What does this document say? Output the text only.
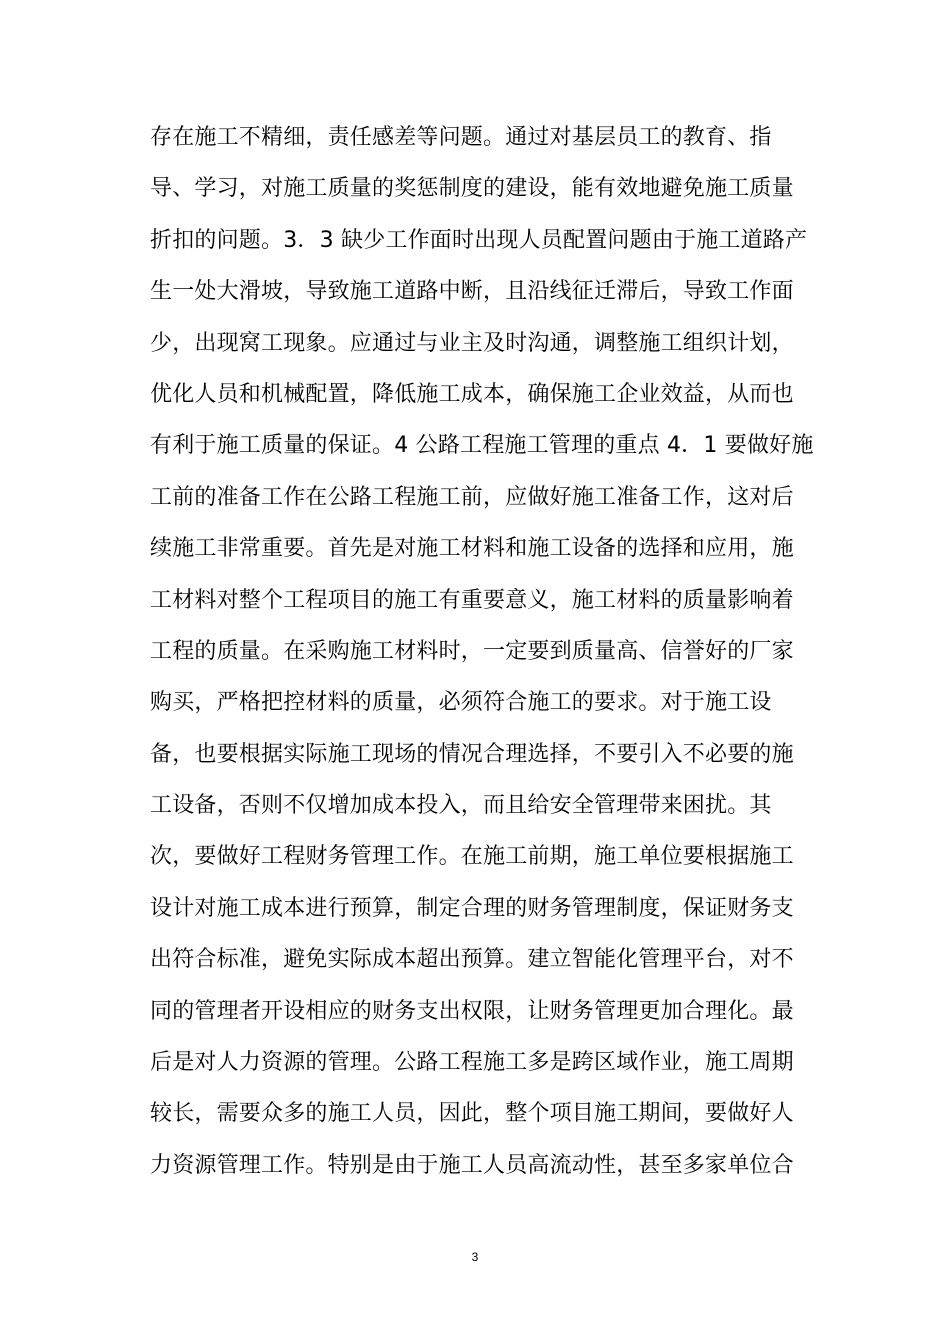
存在施工不精细，责任感差等问题。通过对基层员工的教育、指
导、学习，对施工质量的奖惩制度的建设，能有效地避免施工质量
折扣的问题。3．3 缺少工作面时出现人员配置问题由于施工道路产
生一处大滑坡，导致施工道路中断，且沿线征迁滞后，导致工作面
少，出现窝工现象。应通过与业主及时沟通，调整施工组织计划，
优化人员和机械配置，降低施工成本，确保施工企业效益，从而也
有利于施工质量的保证。4 公路工程施工管理的重点 4．1 要做好施
工前的准备工作在公路工程施工前，应做好施工准备工作，这对后
续施工非常重要。首先是对施工材料和施工设备的选择和应用，施
工材料对整个工程项目的施工有重要意义，施工材料的质量影响着
工程的质量。在采购施工材料时，一定要到质量高、信誉好的厂家
购买，严格把控材料的质量，必须符合施工的要求。对于施工设
备，也要根据实际施工现场的情况合理选择，不要引入不必要的施
工设备，否则不仅增加成本投入，而且给安全管理带来困扰。其
次，要做好工程财务管理工作。在施工前期，施工单位要根据施工
设计对施工成本进行预算，制定合理的财务管理制度，保证财务支
出符合标准，避免实际成本超出预算。建立智能化管理平台，对不
同的管理者开设相应的财务支出权限，让财务管理更加合理化。最
后是对人力资源的管理。公路工程施工多是跨区域作业，施工周期
较长，需要众多的施工人员，因此，整个项目施工期间，要做好人
力资源管理工作。特别是由于施工人员高流动性，甚至多家单位合
3
